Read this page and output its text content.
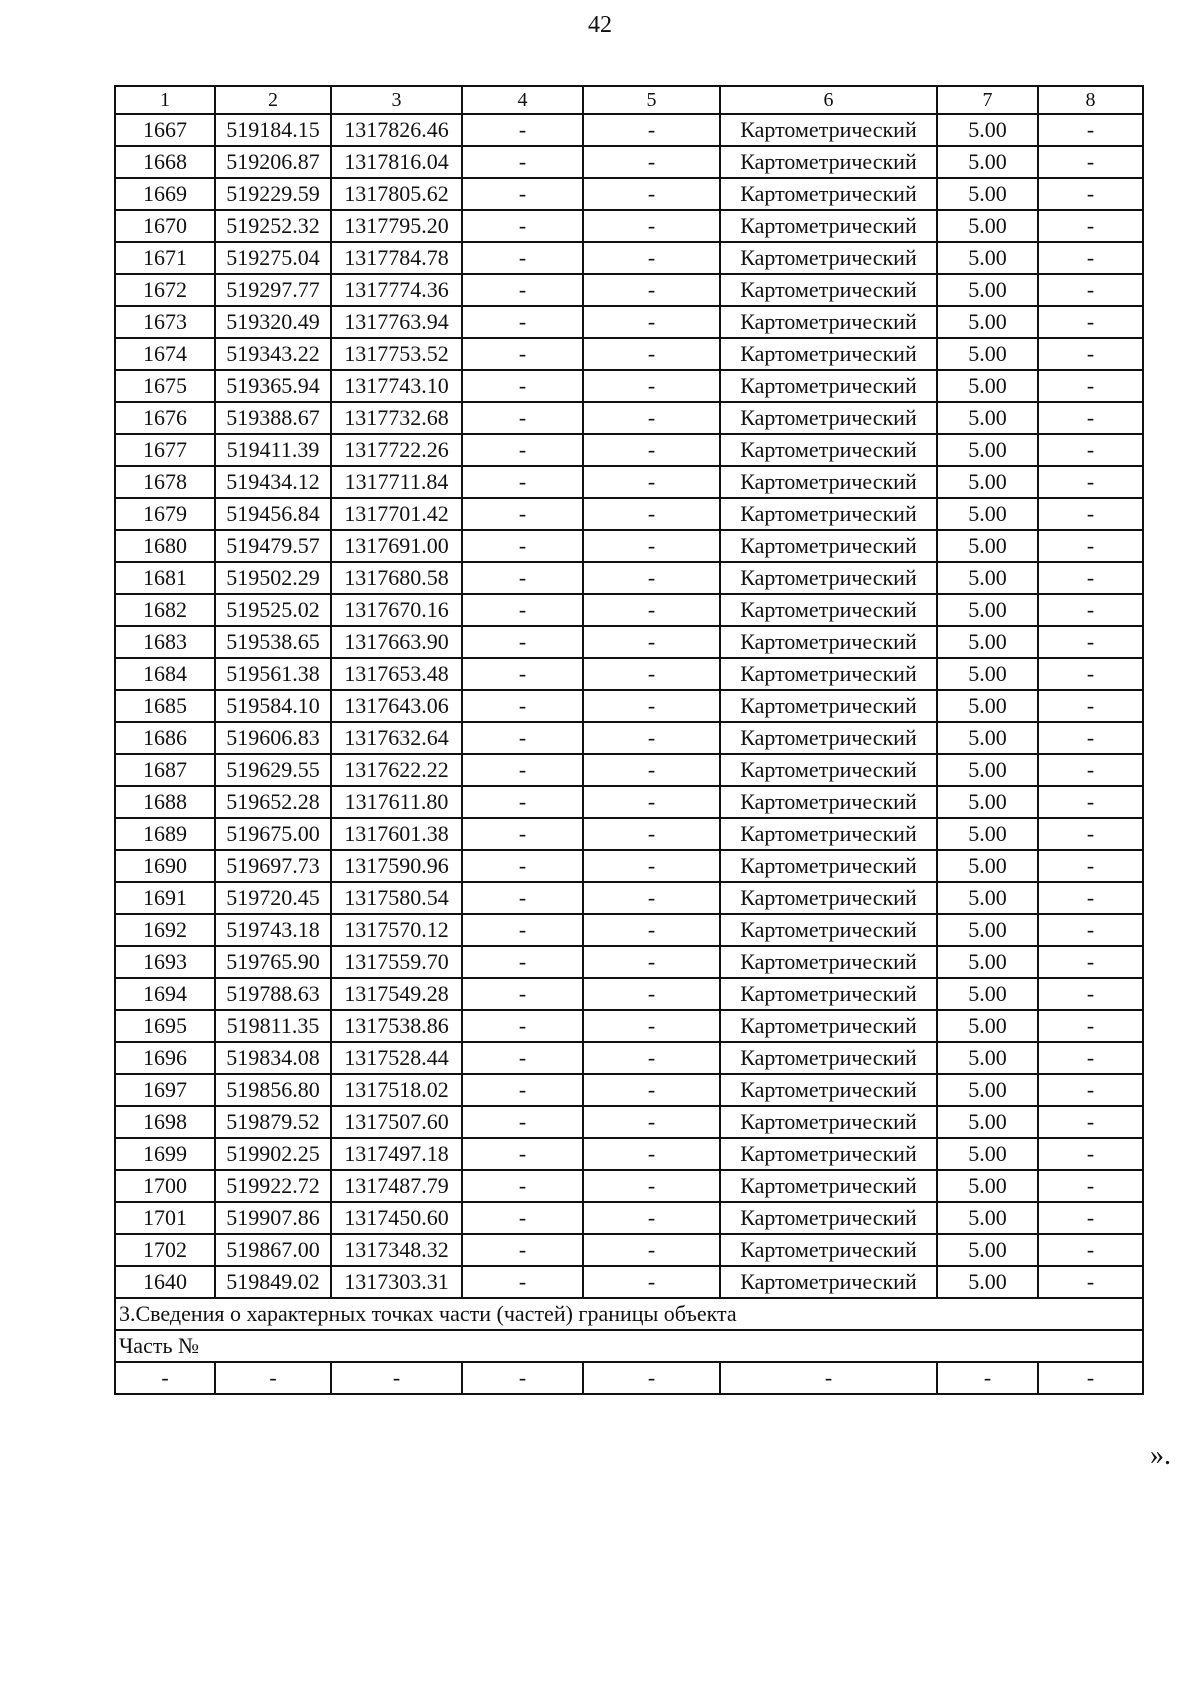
42
1	2	3	4	5	6	7	8
1667	519184.15	1317826.46	-	-	Картометрический	5.00	-
1668	519206.87	1317816.04	-	-	Картометрический	5.00	-
1669	519229.59	1317805.62	-	-	Картометрический	5.00	-
1670	519252.32	1317795.20	-	-	Картометрический	5.00	-
1671	519275.04	1317784.78	-	-	Картометрический	5.00	-
1672	519297.77	1317774.36	-	-	Картометрический	5.00	-
1673	519320.49	1317763.94	-	-	Картометрический	5.00	-
1674	519343.22	1317753.52	-	-	Картометрический	5.00	-
1675	519365.94	1317743.10	-	-	Картометрический	5.00	-
1676	519388.67	1317732.68	-	-	Картометрический	5.00	-
1677	519411.39	1317722.26	-	-	Картометрический	5.00	-
1678	519434.12	1317711.84	-	-	Картометрический	5.00	-
1679	519456.84	1317701.42	-	-	Картометрический	5.00	-
1680	519479.57	1317691.00	-	-	Картометрический	5.00	-
1681	519502.29	1317680.58	-	-	Картометрический	5.00	-
1682	519525.02	1317670.16	-	-	Картометрический	5.00	-
1683	519538.65	1317663.90	-	-	Картометрический	5.00	-
1684	519561.38	1317653.48	-	-	Картометрический	5.00	-
1685	519584.10	1317643.06	-	-	Картометрический	5.00	-
1686	519606.83	1317632.64	-	-	Картометрический	5.00	-
1687	519629.55	1317622.22	-	-	Картометрический	5.00	-
1688	519652.28	1317611.80	-	-	Картометрический	5.00	-
1689	519675.00	1317601.38	-	-	Картометрический	5.00	-
1690	519697.73	1317590.96	-	-	Картометрический	5.00	-
1691	519720.45	1317580.54	-	-	Картометрический	5.00	-
1692	519743.18	1317570.12	-	-	Картометрический	5.00	-
1693	519765.90	1317559.70	-	-	Картометрический	5.00	-
1694	519788.63	1317549.28	-	-	Картометрический	5.00	-
1695	519811.35	1317538.86	-	-	Картометрический	5.00	-
1696	519834.08	1317528.44	-	-	Картометрический	5.00	-
1697	519856.80	1317518.02	-	-	Картометрический	5.00	-
1698	519879.52	1317507.60	-	-	Картометрический	5.00	-
1699	519902.25	1317497.18	-	-	Картометрический	5.00	-
1700	519922.72	1317487.79	-	-	Картометрический	5.00	-
1701	519907.86	1317450.60	-	-	Картометрический	5.00	-
1702	519867.00	1317348.32	-	-	Картометрический	5.00	-
1640	519849.02	1317303.31	-	-	Картометрический	5.00	-
3.Сведения о характерных точках части (частей) границы объекта							
Часть №							
-	-	-	-	-	-	-	-
».
